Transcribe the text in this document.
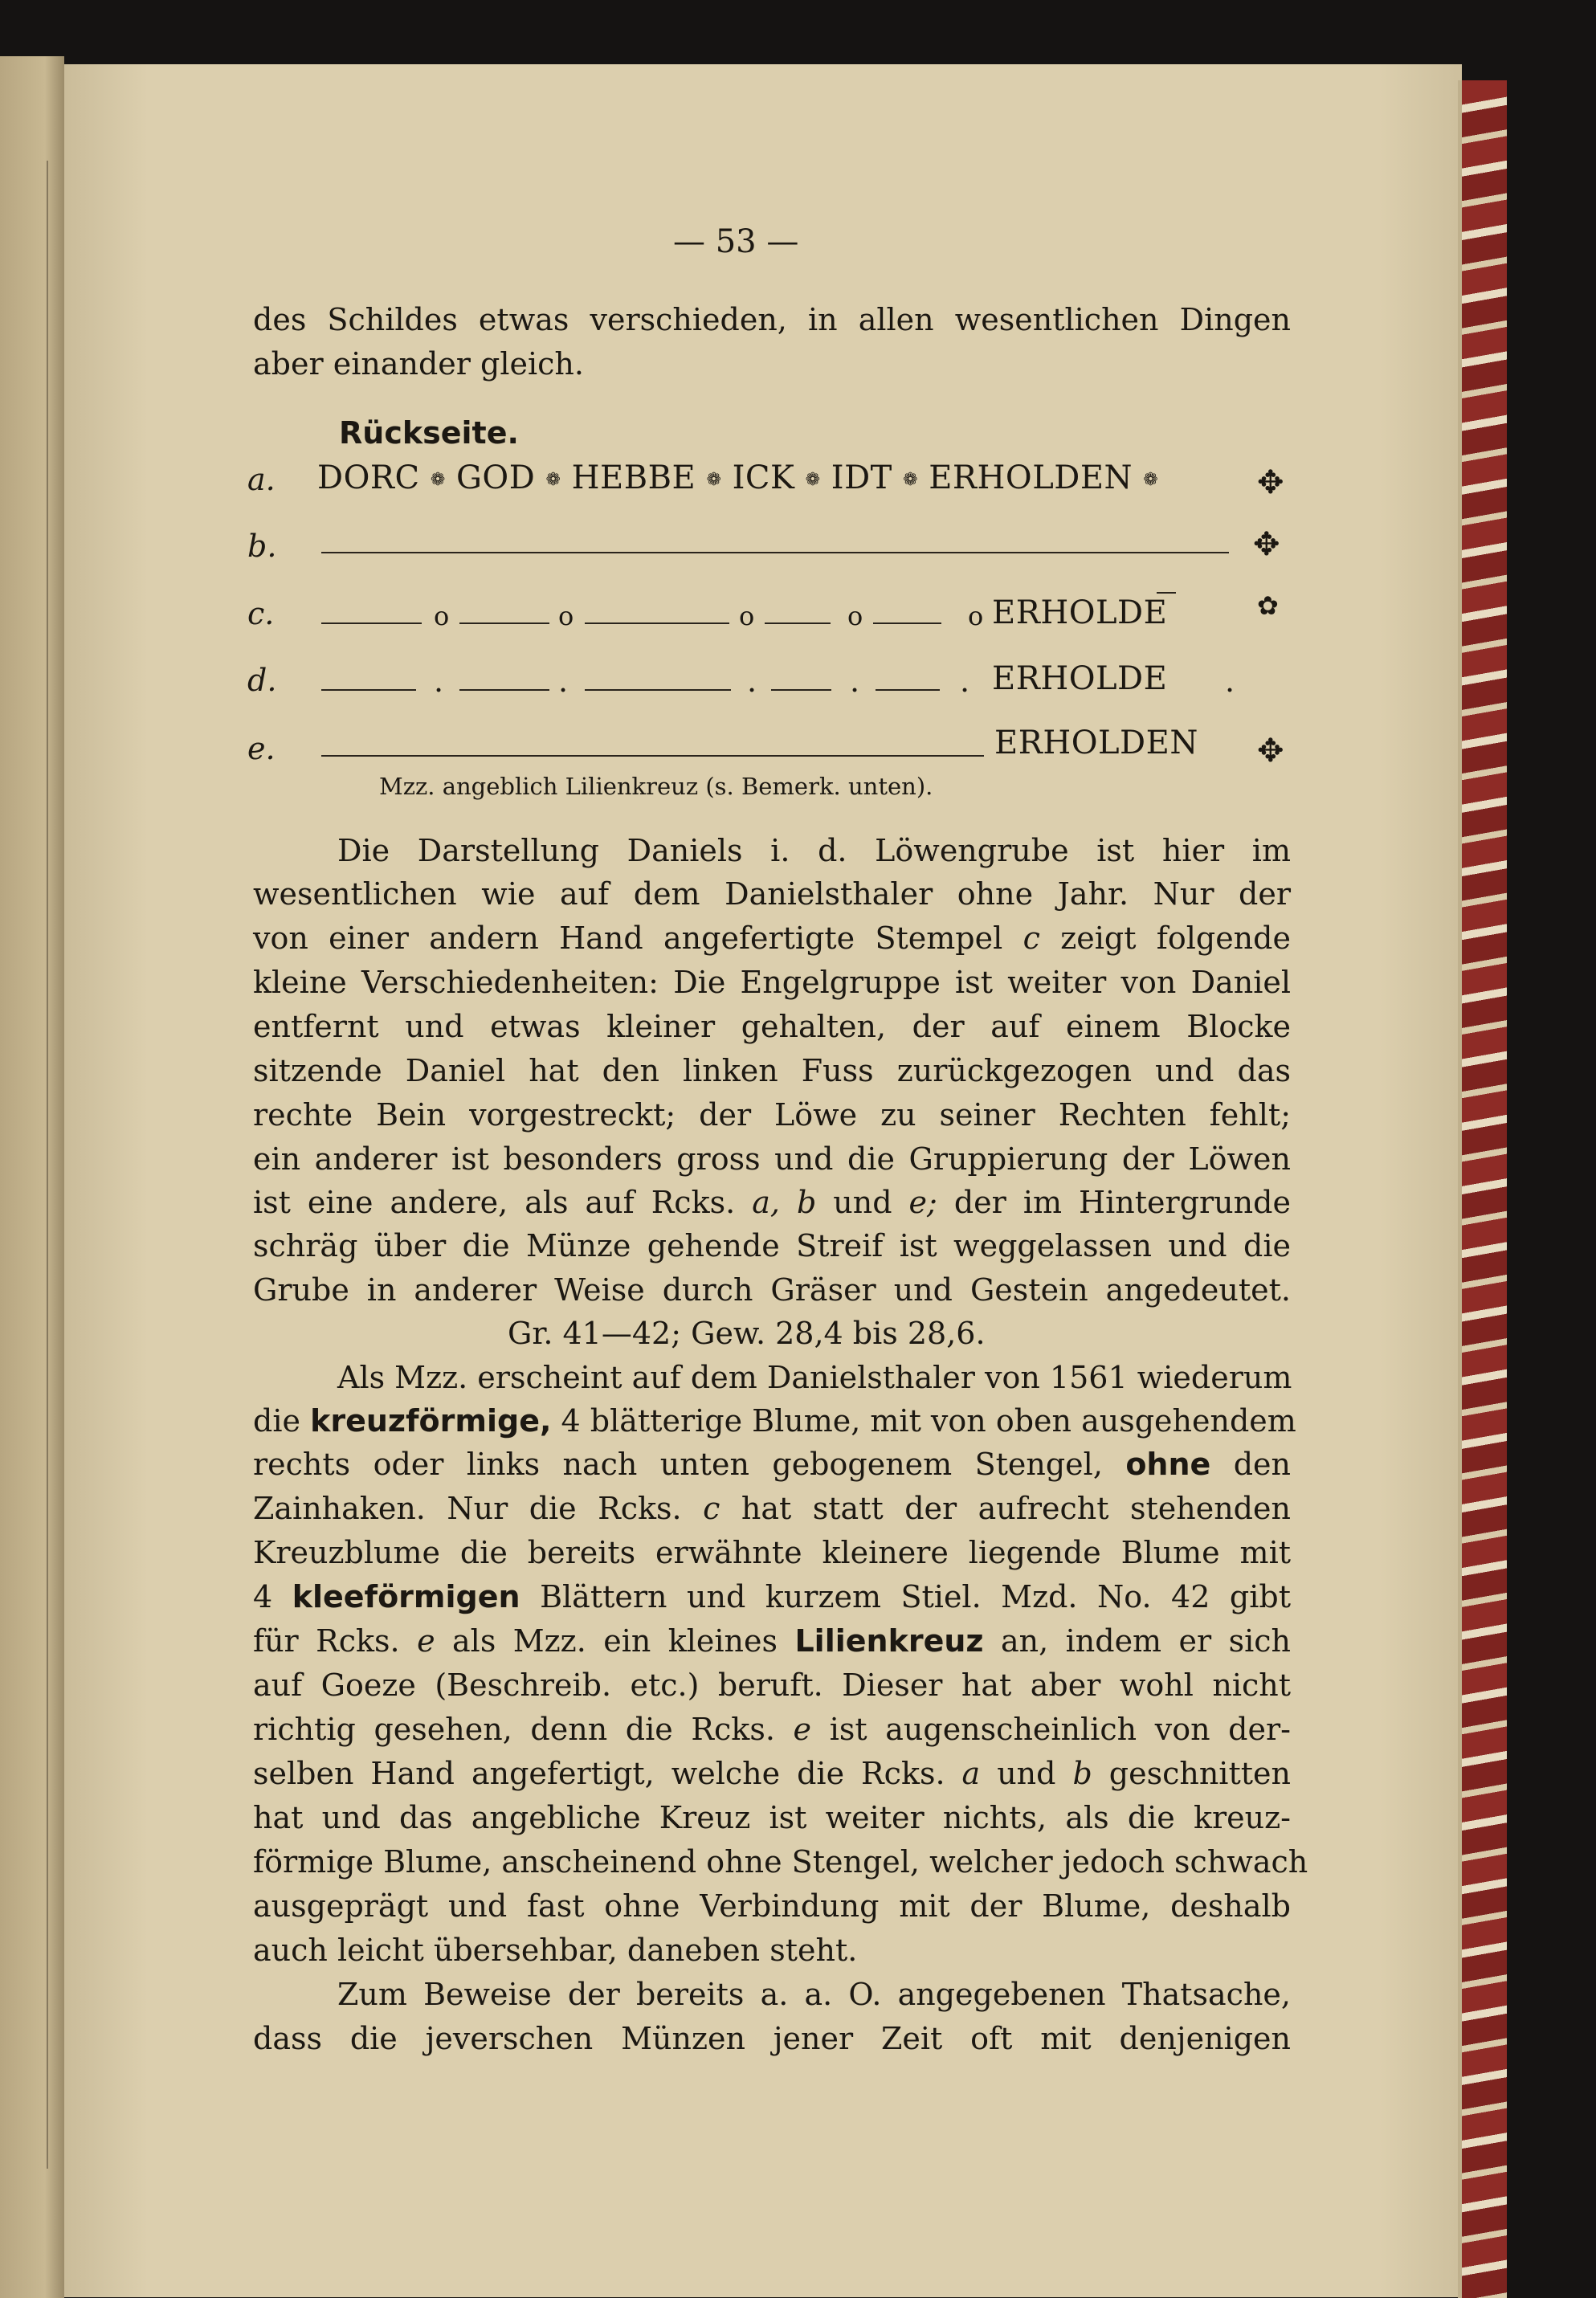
— 53 —
des Schildes etwas verschieden, in allen wesentlichen Dingen
aber einander gleich.
Rückseite.
a. DORC ❁ GOD ❁ HEBBE ❁ ICK ❁ IDT ❁ ERHOLDEN ❁	✥
b.	✥
c.	o	o	o	o	o ERHOLDE	✿
d.	.	.	.	.	. ERHOLDE .
e.	ERHOLDEN ✥
Mzz. angeblich Lilienkreuz (s. Bemerk. unten).
Die Darstellung Daniels i. d. Löwengrube ist hier im
wesentlichen wie auf dem Danielsthaler ohne Jahr. Nur der
von einer andern Hand angefertigte Stempel c zeigt folgende
kleine Verschiedenheiten: Die Engelgruppe ist weiter von Daniel
entfernt und etwas kleiner gehalten, der auf einem Blocke
sitzende Daniel hat den linken Fuss zurückgezogen und das
rechte Bein vorgestreckt; der Löwe zu seiner Rechten fehlt;
ein anderer ist besonders gross und die Gruppierung der Löwen
ist eine andere, als auf Rcks. a, b und e; der im Hintergrunde
schräg über die Münze gehende Streif ist weggelassen und die
Grube in anderer Weise durch Gräser und Gestein angedeutet.
Gr. 41—42; Gew. 28,4 bis 28,6.
Als Mzz. erscheint auf dem Danielsthaler von 1561 wiederum
die kreuzförmige, 4 blätterige Blume, mit von oben ausgehendem
rechts oder links nach unten gebogenem Stengel, ohne den
Zainhaken. Nur die Rcks. c hat statt der aufrecht stehenden
Kreuzblume die bereits erwähnte kleinere liegende Blume mit
4 kleeförmigen Blättern und kurzem Stiel. Mzd. No. 42 gibt
für Rcks. e als Mzz. ein kleines Lilienkreuz an, indem er sich
auf Goeze (Beschreib. etc.) beruft. Dieser hat aber wohl nicht
richtig gesehen, denn die Rcks. e ist augenscheinlich von der-
selben Hand angefertigt, welche die Rcks. a und b geschnitten
hat und das angebliche Kreuz ist weiter nichts, als die kreuz-
förmige Blume, anscheinend ohne Stengel, welcher jedoch schwach
ausgeprägt und fast ohne Verbindung mit der Blume, deshalb
auch leicht übersehbar, daneben steht.
Zum Beweise der bereits a. a. O. angegebenen Thatsache,
dass die jeverschen Münzen jener Zeit oft mit denjenigen
